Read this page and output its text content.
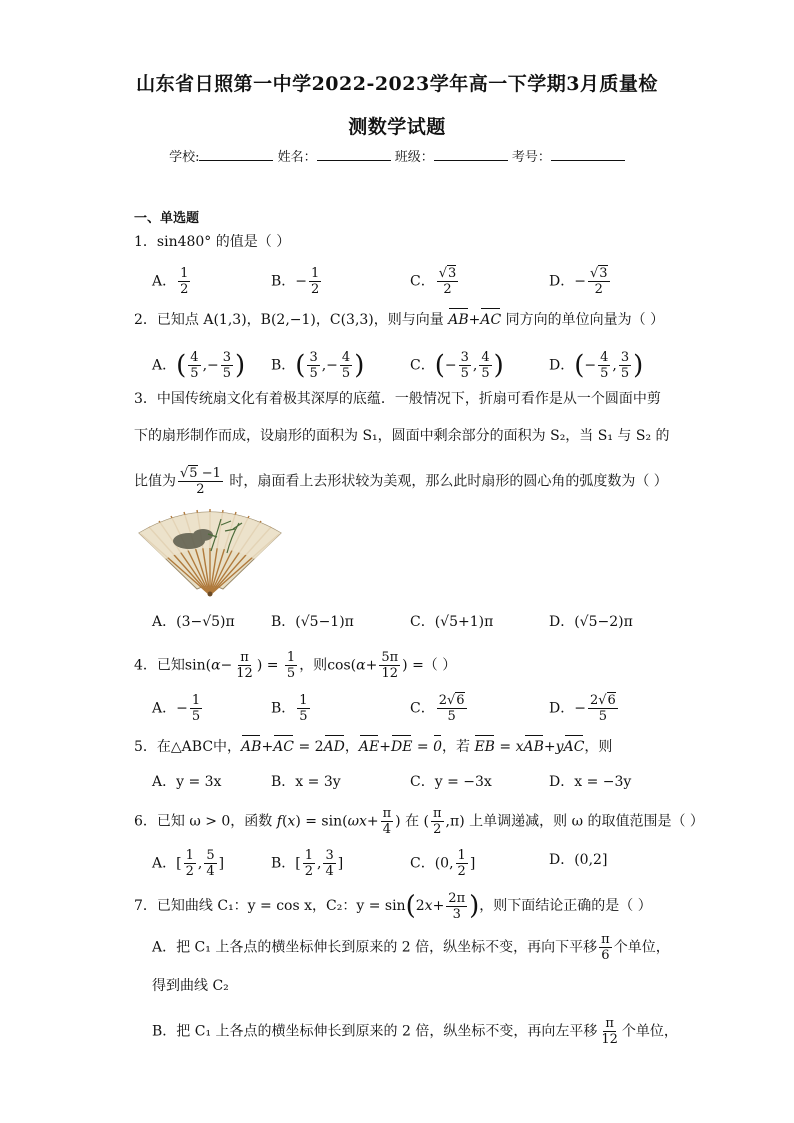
山东省日照第一中学2022-2023学年高一下学期3月质量检
测数学试题
学校:	姓名：	班级：	考号：
一、单选题
1．sin480° 的值是（ ）
A． $\frac{1}{2}$	B．− $\frac{1}{2}$	C． $\frac{√3}{2}$	D．− $\frac{√3}{2}$
2．已知点 A(1,3)，B(2,−1)，C(3,3)，则与向量 AB+AC 同方向的单位向量为（ ）
A．( $\frac{4}{5}$ ,− $\frac{3}{5}$ ) B．( $\frac{3}{5}$ ,− $\frac{4}{5}$ )	C．(− $\frac{3}{5}$ , $\frac{4}{5}$ )	D．(− $\frac{4}{5}$ , $\frac{3}{5}$ )
3．中国传统扇文化有着极其深厚的底蕴．一般情况下，折扇可看作是从一个圆面中剪
下的扇形制作而成，设扇形的面积为 S₁，圆面中剩余部分的面积为 S₂，当 S₁ 与 S₂ 的
比值为 $\frac{√5 -1}{2}$ 时，扇面看上去形状较为美观，那么此时扇形的圆心角的弧度数为（ ）
A．(3−√5)π	B．(√5−1)π	C．(√5+1)π	D．(√5−2)π
4．已知$\sin(\alpha- \frac{\pi}{12}$ ) = $\frac{1}{5}$ ，则$\cos(\alpha+ \frac{5\pi}{12}$ ) =（ ）
A．− $\frac{1}{5}$	B． $\frac{1}{5}$	C． $\frac{2√6}{5}$	D．− $\frac{2√6}{5}$
5．在△ABC中，AB+AC = 2AD，AE+DE = 0，若 EB = xAB+yAC，则
A．y = 3x	B．x = 3y	C．y = −3x	D．x = −3y
6．已知 ω > 0，函数 $f(x) = \sin(\omega x+ \frac{\pi}{4}$ ) 在 ( $\frac{\pi}{2} ,\pi$) 上单调递减，则 ω 的取值范围是（ ）
A．[ $\frac{1}{2}$ , $\frac{5}{4}$ ]	B．[ $\frac{1}{2}$ , $\frac{3}{4}$ ]	C．(0, $\frac{1}{2}$ ]	D．(0,2]
7．已知曲线 C₁：y = cos x，C₂：$y = \sin(2x+ \frac{2\pi}{3}$ )，则下面结论正确的是（ ）
A．把 C₁ 上各点的横坐标伸长到原来的 2 倍，纵坐标不变，再向下平移 $\frac{\pi}{6}$ 个单位，
得到曲线 C₂
B．把 C₁ 上各点的横坐标伸长到原来的 2 倍，纵坐标不变，再向左平移 $\frac{\pi}{12}$ 个单位，
